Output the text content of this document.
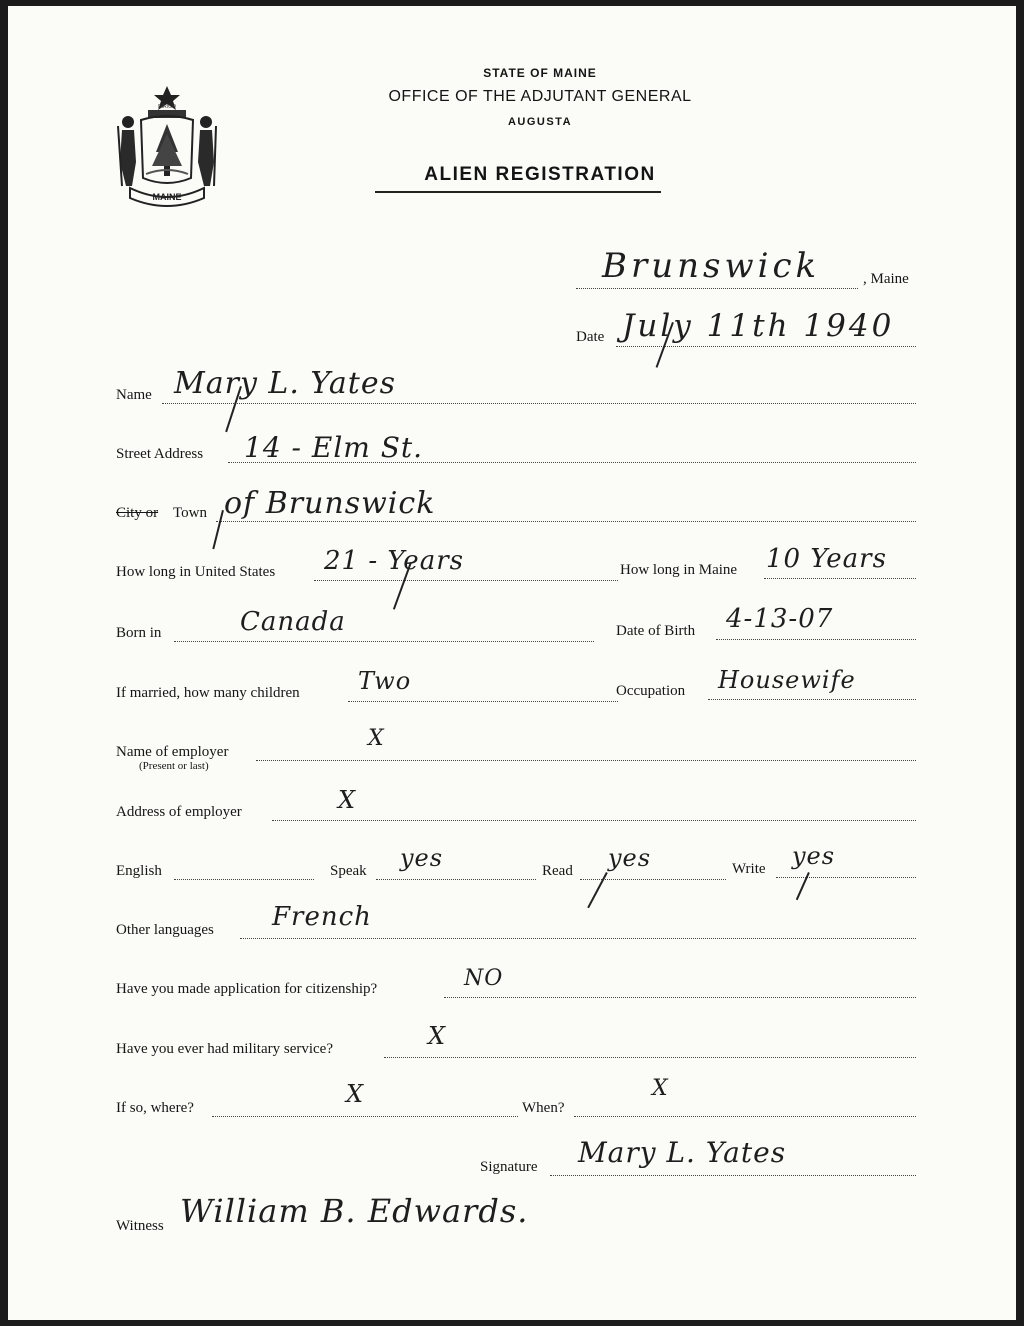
MAINE
DIRIGO
STATE OF MAINE
OFFICE OF THE ADJUTANT GENERAL
AUGUSTA
ALIEN REGISTRATION
Brunswick	, Maine
Date July 11th 1940
Name Mary L. Yates
Street Address 14 - Elm St.
City or Town of Brunswick
How long in United States 21 - Years	How long in Maine 10 Years
Born in	Canada	Date of Birth 4-13-07
If married, how many children Two	Occupation Housewife
Name of employer
(Present or last)
X
Address of employer	X
English	Speak yes	Read yes	Write yes
Other languages French
Have you made application for citizenship?	NO
Have you ever had military service?	X
If so, where?	X	When?
X
Signature Mary L. Yates
Witness William B. Edwards.
